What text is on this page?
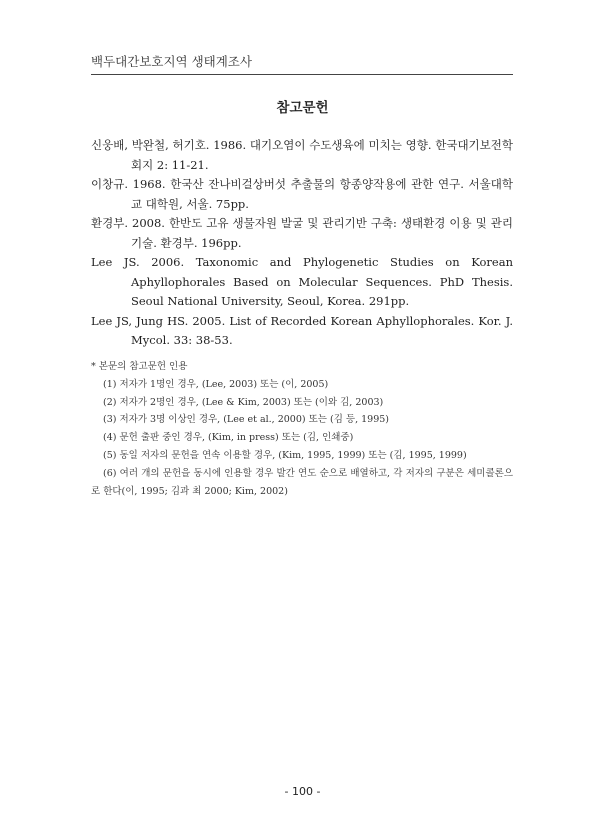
백두대간보호지역 생태계조사
참고문헌

신웅배, 박완철, 허기호. 1986. 대기오염이 수도생육에 미치는 영향. 한국대기보전학회지 2: 11-21.

이창규. 1968. 한국산 잔나비걸상버섯 추출물의 항종양작용에 관한 연구. 서울대학교 대학원, 서울. 75pp.

환경부. 2008. 한반도 고유 생물자원 발굴 및 관리기반 구축: 생태환경 이용 및 관리기술. 환경부. 196pp.

Lee JS. 2006. Taxonomic and Phylogenetic Studies on Korean Aphyllophorales Based on Molecular Sequences. PhD Thesis. Seoul National University, Seoul, Korea. 291pp.

Lee JS, Jung HS. 2005. List of Recorded Korean Aphyllophorales. Kor. J. Mycol. 33: 38-53.

* 본문의 참고문헌 인용
(1) 저자가 1명인 경우, (Lee, 2003) 또는 (이, 2005)
(2) 저자가 2명인 경우, (Lee & Kim, 2003) 또는 (이와 김, 2003)
(3) 저자가 3명 이상인 경우, (Lee et al., 2000) 또는 (김 등, 1995)
(4) 문헌 출판 중인 경우, (Kim, in press) 또는 (김, 인쇄중)
(5) 동일 저자의 문헌을 연속 이용할 경우, (Kim, 1995, 1999) 또는 (김, 1995, 1999)
(6) 여러 개의 문헌을 동시에 인용할 경우 발간 연도 순으로 배열하고, 각 저자의 구분은 세미콜론으로 한다(이, 1995; 김과 최 2000; Kim, 2002)
- 100 -
